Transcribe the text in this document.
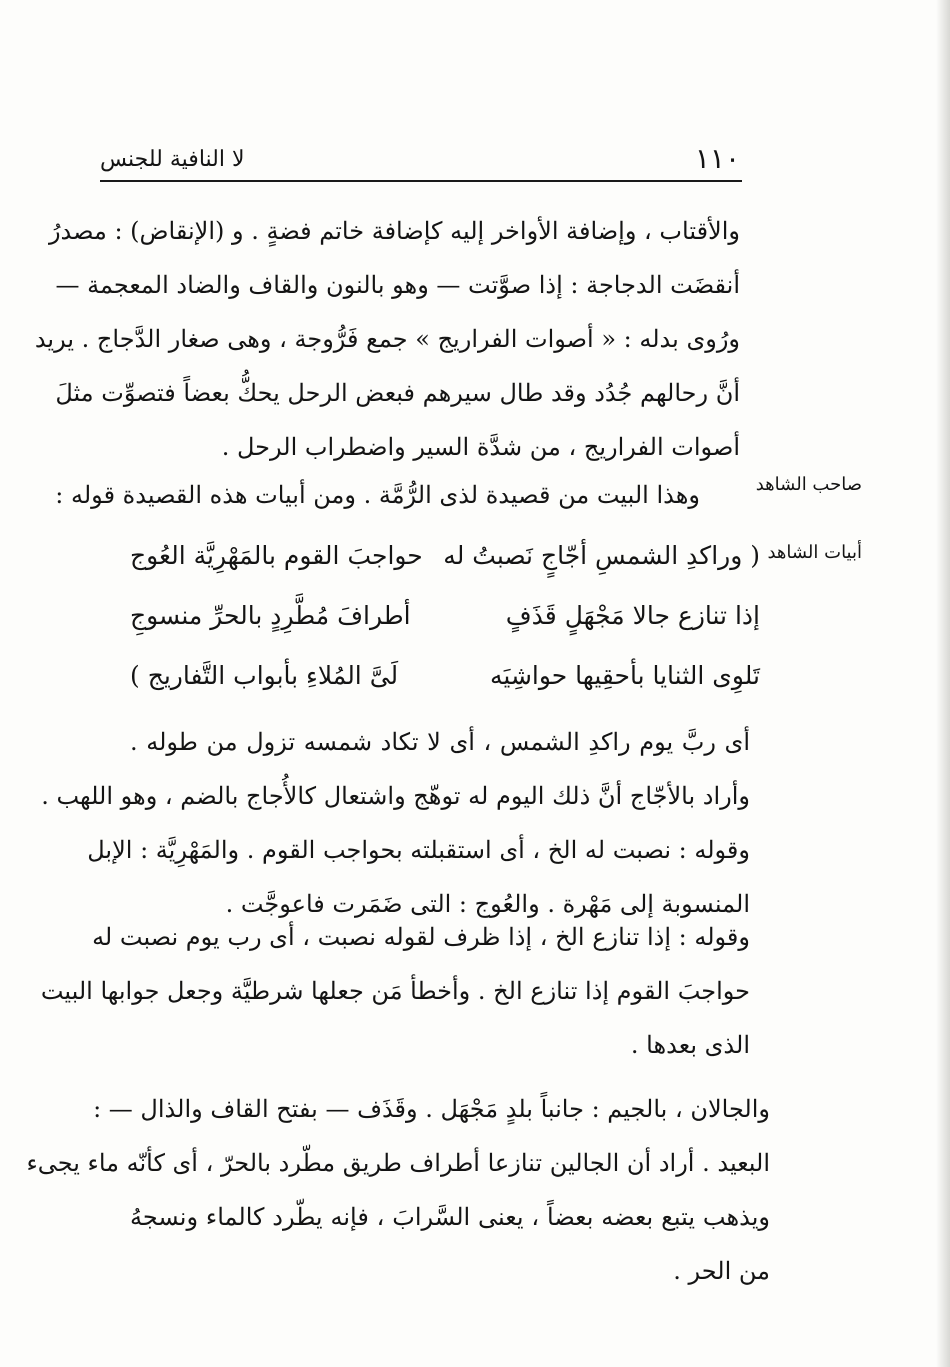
١١٠
لا النافية للجنس
والأقتاب ، وإضافة الأواخر إليه كإضافة خاتم فضةٍ . و (الإنقاض) : مصدرُ
أنقضَت الدجاجة : إذا صوَّتت — وهو بالنون والقاف والضاد المعجمة —
ورُوى بدله : « أصوات الفراريج » جمع فَرُّوجة ، وهى صغار الدَّجاج . يريد
أنَّ رحالهم جُدُد وقد طال سيرهم فبعض الرحل يحكُّ بعضاً فتصوِّت مثلَ
أصوات الفراريج ، من شدَّة السير واضطراب الرحل .
صاحب الشاهد
وهذا البيت من قصيدة لذى الرُّمَّة . ومن أبيات هذه القصيدة قوله :
أبيات الشاهد
( وراكدِ الشمسِ أجّاجٍ نَصبتُ له
حواجبَ القوم بالمَهْرِيَّة العُوج
إذا تنازع جالا مَجْهَلٍ قَذَفٍ
أطرافَ مُطَّرِدٍ بالحرِّ منسوجِ
تَلوِى الثنايا بأحقِيها حواشِيَه
لَىَّ المُلاءِ بأبواب التَّفاريج )
أى ربَّ يوم راكدِ الشمس ، أى لا تكاد شمسه تزول من طوله .
وأراد بالأجّاج أنَّ ذلك اليوم له توهّج واشتعال كالأُجاج بالضم ، وهو اللهب .
وقوله : نصبت له الخ ، أى استقبلته بحواجب القوم . والمَهْرِيَّة : الإبل
المنسوبة إلى مَهْرة . والعُوج : التى ضَمَرت فاعوجَّت .
وقوله : إذا تنازع الخ ، إذا ظرف لقوله نصبت ، أى رب يوم نصبت له
حواجبَ القوم إذا تنازع الخ . وأخطأ مَن جعلها شرطيَّة وجعل جوابها البيت
الذى بعدها .
والجالان ، بالجيم : جانباً بلدٍ مَجْهَل . وقَذَف — بفتح القاف والذال — :
البعيد . أراد أن الجالين تنازعا أطراف طريق مطّرد بالحرّ ، أى كأنّه ماء يجىء
ويذهب يتبع بعضه بعضاً ، يعنى السَّرابَ ، فإنه يطّرد كالماء ونسجهُ
من الحر .
